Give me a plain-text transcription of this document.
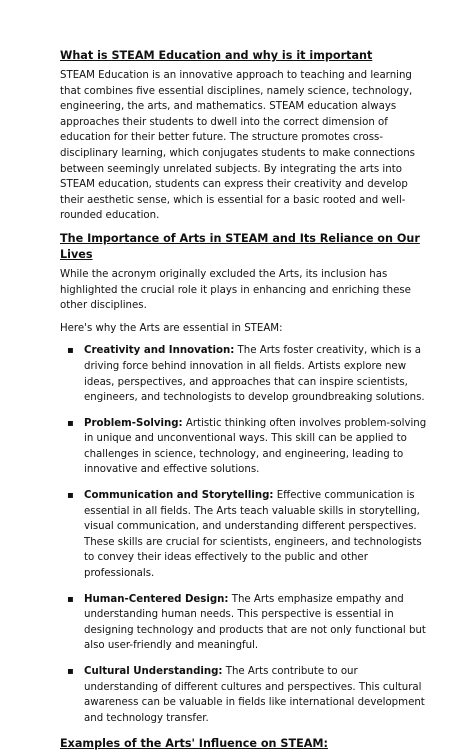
What is STEAM Education and why is it important

STEAM Education is an innovative approach to teaching and learning that combines five essential disciplines, namely science, technology, engineering, the arts, and mathematics. STEAM education always approaches their students to dwell into the correct dimension of education for their better future. The structure promotes cross-disciplinary learning, which conjugates students to make connections between seemingly unrelated subjects. By integrating the arts into STEAM education, students can express their creativity and develop their aesthetic sense, which is essential for a basic rooted and well-rounded education.

The Importance of Arts in STEAM and Its Reliance on Our Lives

While the acronym originally excluded the Arts, its inclusion has highlighted the crucial role it plays in enhancing and enriching these other disciplines.

Here's why the Arts are essential in STEAM:

▪ Creativity and Innovation: The Arts foster creativity, which is a driving force behind innovation in all fields. Artists explore new ideas, perspectives, and approaches that can inspire scientists, engineers, and technologists to develop groundbreaking solutions.
▪ Problem-Solving: Artistic thinking often involves problem-solving in unique and unconventional ways. This skill can be applied to challenges in science, technology, and engineering, leading to innovative and effective solutions.
▪ Communication and Storytelling: Effective communication is essential in all fields. The Arts teach valuable skills in storytelling, visual communication, and understanding different perspectives. These skills are crucial for scientists, engineers, and technologists to convey their ideas effectively to the public and other professionals.
▪ Human-Centered Design: The Arts emphasize empathy and understanding human needs. This perspective is essential in designing technology and products that are not only functional but also user-friendly and meaningful.
▪ Cultural Understanding: The Arts contribute to our understanding of different cultures and perspectives. This cultural awareness can be valuable in fields like international development and technology transfer.
Examples of the Arts' Influence on STEAM:
